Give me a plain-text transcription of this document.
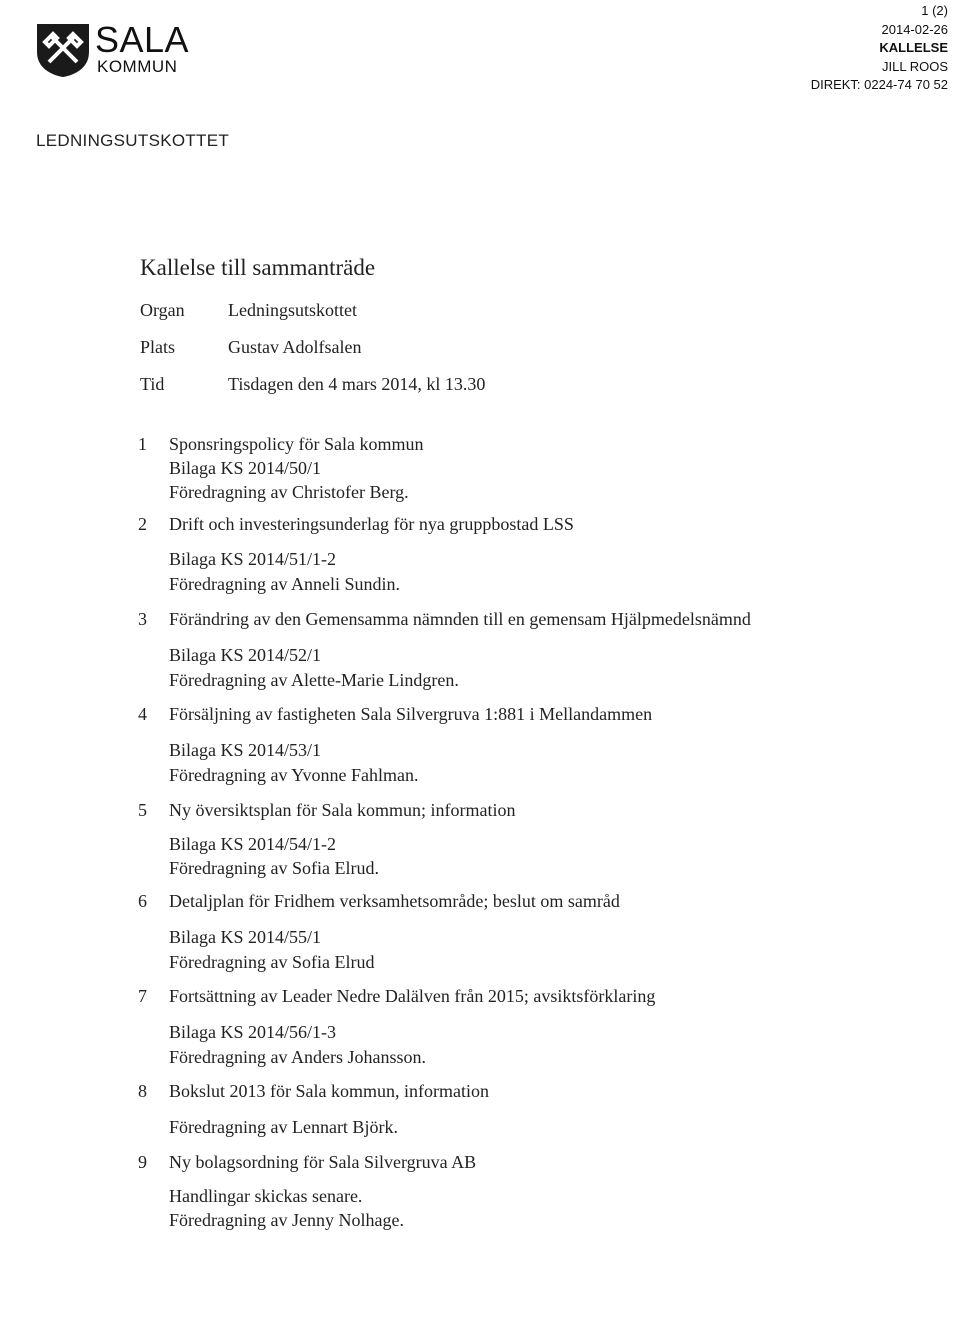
SALA
KOMMUN
1 (2)
2014-02-26
KALLELSE
JILL ROOS
DIREKT: 0224-74 70 52
LEDNINGSUTSKOTTET
Kallelse till sammanträde
Organ	Ledningsutskottet
Plats	Gustav Adolfsalen
Tid	Tisdagen den 4 mars 2014, kl 13.30
1	Sponsringspolicy för Sala kommun
Bilaga KS 2014/50/1
Föredragning av Christofer Berg.
2	Drift och investeringsunderlag för nya gruppbostad LSS
Bilaga KS 2014/51/1-2
Föredragning av Anneli Sundin.
3	Förändring av den Gemensamma nämnden till en gemensam Hjälpmedelsnämnd
Bilaga KS 2014/52/1
Föredragning av Alette-Marie Lindgren.
4	Försäljning av fastigheten Sala Silvergruva 1:881 i Mellandammen
Bilaga KS 2014/53/1
Föredragning av Yvonne Fahlman.
5	Ny översiktsplan för Sala kommun; information
Bilaga KS 2014/54/1-2
Föredragning av Sofia Elrud.
6	Detaljplan för Fridhem verksamhetsområde; beslut om samråd
Bilaga KS 2014/55/1
Föredragning av Sofia Elrud
7	Fortsättning av Leader Nedre Dalälven från 2015; avsiktsförklaring
Bilaga KS 2014/56/1-3
Föredragning av Anders Johansson.
8	Bokslut 2013 för Sala kommun, information
Föredragning av Lennart Björk.
9	Ny bolagsordning för Sala Silvergruva AB
Handlingar skickas senare.
Föredragning av Jenny Nolhage.
